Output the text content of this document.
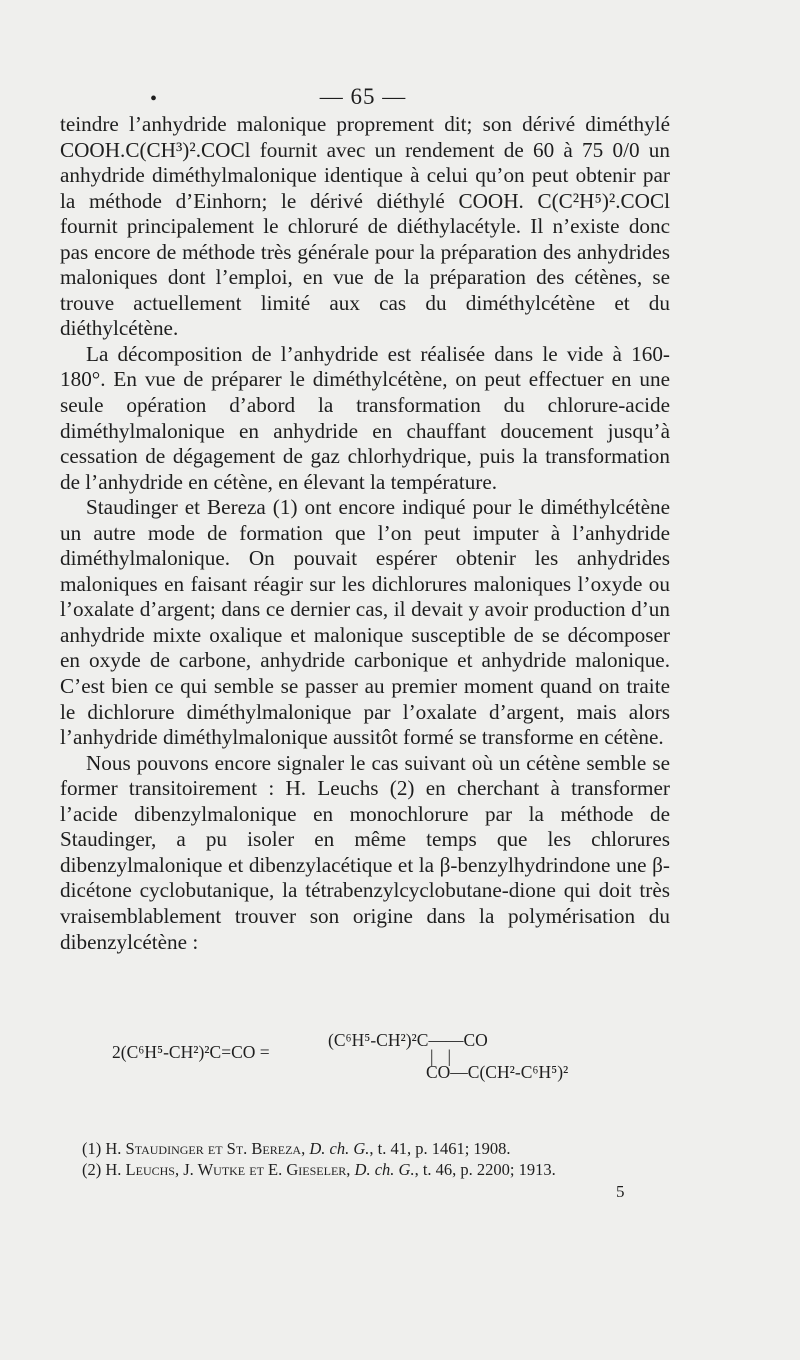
•	— 65 —

teindre l’anhydride malonique proprement dit; son dérivé diméthylé COOH.C(CH³)².COCl fournit avec un rendement de 60 à 75 0/0 un anhydride diméthylmalonique identique à celui qu’on peut obtenir par la méthode d’Einhorn; le dérivé diéthylé COOH. C(C²H⁵)².COCl fournit principalement le chloruré de diéthylacétyle. Il n’existe donc pas encore de méthode très générale pour la préparation des anhydrides maloniques dont l’emploi, en vue de la préparation des cétènes, se trouve actuellement limité aux cas du diméthylcétène et du diéthylcétène.

La décomposition de l’anhydride est réalisée dans le vide à 160-180°. En vue de préparer le diméthylcétène, on peut effectuer en une seule opération d’abord la transformation du chlorure-acide diméthylmalonique en anhydride en chauffant doucement jusqu’à cessation de dégagement de gaz chlorhydrique, puis la transformation de l’anhydride en cétène, en élevant la température.

Staudinger et Bereza (1) ont encore indiqué pour le diméthylcétène un autre mode de formation que l’on peut imputer à l’anhydride diméthylmalonique. On pouvait espérer obtenir les anhydrides maloniques en faisant réagir sur les dichlorures maloniques l’oxyde ou l’oxalate d’argent; dans ce dernier cas, il devait y avoir production d’un anhydride mixte oxalique et malonique susceptible de se décomposer en oxyde de carbone, anhydride carbonique et anhydride malonique. C’est bien ce qui semble se passer au premier moment quand on traite le dichlorure diméthylmalonique par l’oxalate d’argent, mais alors l’anhydride diméthylmalonique aussitôt formé se transforme en cétène.

Nous pouvons encore signaler le cas suivant où un cétène semble se former transitoirement : H. Leuchs (2) en cherchant à transformer l’acide dibenzylmalonique en monochlorure par la méthode de Staudinger, a pu isoler en même temps que les chlorures dibenzylmalonique et dibenzylacétique et la β-benzylhydrindone une β-dicétone cyclobutanique, la tétrabenzylcyclobutane-dione qui doit très vraisemblablement trouver son origine dans la polymérisation du dibenzylcétène :

2(C⁶H⁵-CH²)²C=CO =
(C⁶H⁵-CH²)²C——CO
||
CO—C(CH²-C⁶H⁵)²
(1) H. Staudinger et St. Bereza, D. ch. G., t. 41, p. 1461; 1908.
(2) H. Leuchs, J. Wutke et E. Gieseler, D. ch. G., t. 46, p. 2200; 1913.
5
